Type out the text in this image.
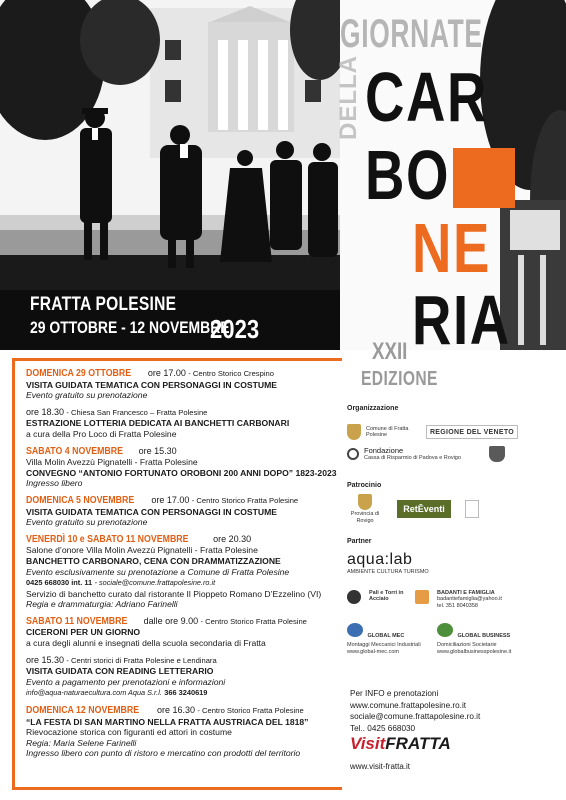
FRATTA POLESINE
29 OTTOBRE - 12 NOVEMBRE
2023
GIORNATE
DELLA CAR
BO
NE
RIA
XXII
EDIZIONE
DOMENICA 29 OTTOBRE ore 17.00 - Centro Storico Crespino
VISITA GUIDATA TEMATICA CON PERSONAGGI IN COSTUME
Evento gratuito su prenotazione
ore 18.30 - Chiesa San Francesco – Fratta Polesine
ESTRAZIONE LOTTERIA DEDICATA AI BANCHETTI CARBONARI
a cura della Pro Loco di Fratta Polesine
SABATO 4 NOVEMBRE ore 15.30
Villa Molin Avezzù Pignatelli - Fratta Polesine
CONVEGNO “ANTONIO FORTUNATO OROBONI 200 ANNI DOPO” 1823-2023
Ingresso libero
DOMENICA 5 NOVEMBRE ore 17.00 - Centro Storico Fratta Polesine
VISITA GUIDATA TEMATICA CON PERSONAGGI IN COSTUME
Evento gratuito su prenotazione
VENERDÌ 10 e SABATO 11 NOVEMBRE	ore 20.30
Salone d’onore Villa Molin Avezzù Pignatelli - Fratta Polesine
BANCHETTO CARBONARO, CENA CON DRAMMATIZZAZIONE
Evento esclusivamente su prenotazione a Comune di Fratta Polesine
0425 668030 int. 11 - sociale@comune.frattapolesine.ro.it
Servizio di banchetto curato dal ristorante Il Pioppeto Romano D’Ezzelino (VI)
Regia e drammaturgia: Adriano Farinelli
SABATO 11 NOVEMBRE dalle ore 9.00 - Centro Storico Fratta Polesine
CICERONI PER UN GIORNO
a cura degli alunni e insegnati della scuola secondaria di Fratta
ore 15.30 - Centri storici di Fratta Polesine e Lendinara
VISITA GUIDATA CON READING LETTERARIO
Evento a pagamento per prenotazioni e informazioni
info@aqua-naturaecultura.com Aqua S.r.l. 366 3240619
DOMENICA 12 NOVEMBRE ore 16.30 - Centro Storico Fratta Polesine
“LA FESTA DI SAN MARTINO NELLA FRATTA AUSTRIACA DEL 1818”
Rievocazione storica con figuranti ed attori in costume
Regia: Maria Selene Farinelli
Ingresso libero con punto di ristoro e mercatino con prodotti del territorio
Organizzazione
Comune di Fratta Polesine	REGIONE DEL VENETO
Fondazione
Cassa di Risparmio di Padova e Rovigo
Patrocinio
Provincia di Rovigo
RetĒventi
Partner
aqua:lab
AMBIENTE CULTURA TURISMO
Pali e Torri in Acciaio
BADANTI E FAMIGLIA
badantiefamiglia@yahoo.it
tel. 351 8040358
GLOBAL MEC
Montaggi Meccanici Industriali www.global-mec.com
GLOBAL BUSINESS
Domiciliazioni Societarie www.globalbusinesspolesine.it
Per INFO e prenotazioni
www.comune.frattapolesine.ro.it
sociale@comune.frattapolesine.ro.it
Tel.. 0425 668030
VisitFRATTA
www.visit-fratta.it
